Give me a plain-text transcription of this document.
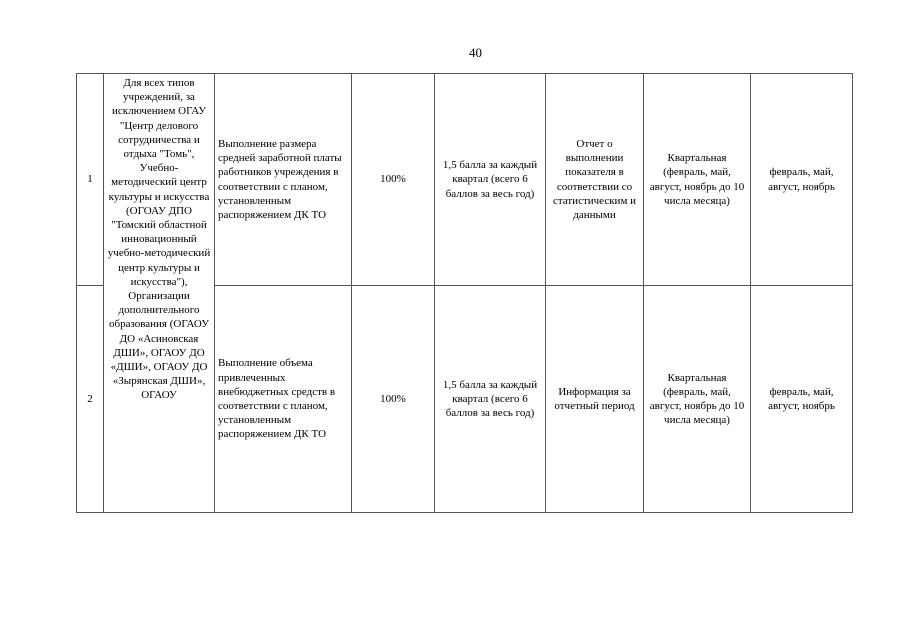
40
1	Для всех типов учреждений, за исключением ОГАУ "Центр делового сотрудничества и отдыха "Томь", Учебно-методический центр культуры и искусства (ОГОАУ ДПО "Томский областной инновационный учебно-методический центр культуры и искусства"), Организации дополнительного образования (ОГАОУ ДО «Асиновская ДШИ», ОГАОУ ДО «ДШИ», ОГАОУ ДО «Зырянская ДШИ», ОГАОУ	Выполнение размера средней заработной платы работников учреждения в соответствии с планом, установленным распоряжением ДК ТО	100%	1,5 балла за каждый квартал (всего 6 баллов за весь год)	Отчет о выполнении показателя в соответствии со статистическим и данными	Квартальная (февраль, май, август, ноябрь до 10 числа месяца)	февраль, май, август, ноябрь

2		Выполнение объема привлеченных внебюджетных средств в соответствии с планом, установленным распоряжением ДК ТО	100%	1,5 балла за каждый квартал (всего 6 баллов за весь год)	Информация за отчетный период	Квартальная (февраль, май, август, ноябрь до 10 числа месяца)	февраль, май, август, ноябрь
